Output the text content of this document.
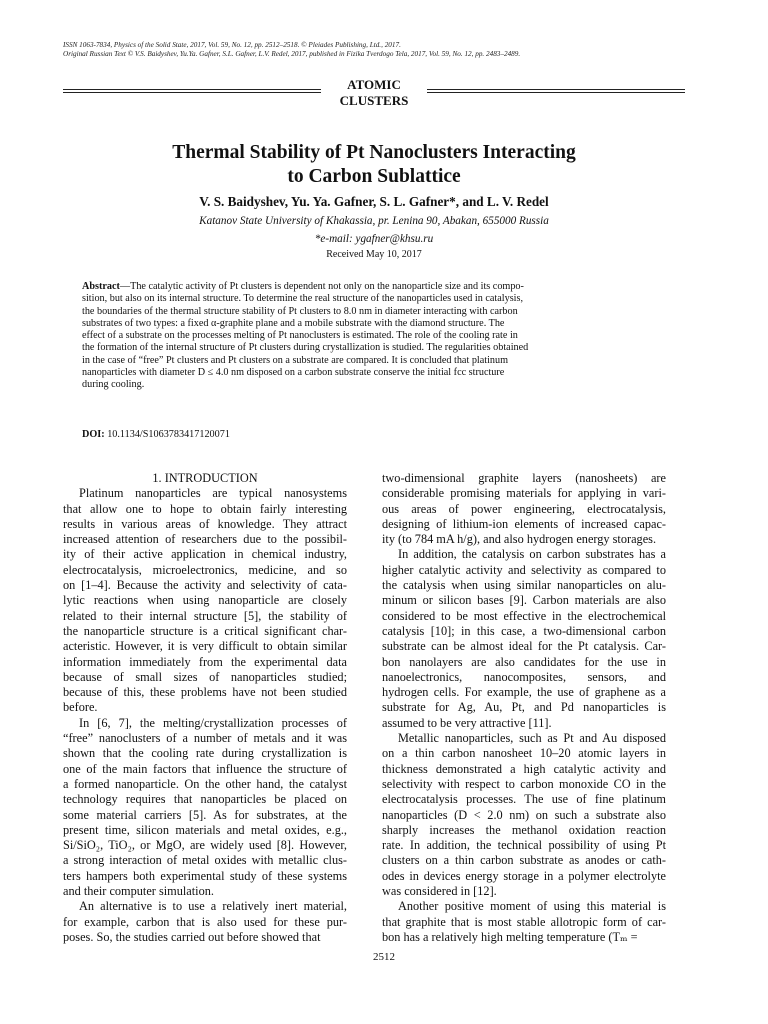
ISSN 1063-7834, Physics of the Solid State, 2017, Vol. 59, No. 12, pp. 2512–2518. © Pleiades Publishing, Ltd., 2017.
Original Russian Text © V.S. Baidyshev, Yu.Ya. Gafner, S.L. Gafner, L.V. Redel, 2017, published in Fizika Tverdogo Tela, 2017, Vol. 59, No. 12, pp. 2483–2489.
ATOMIC
CLUSTERS
Thermal Stability of Pt Nanoclusters Interacting
to Carbon Sublattice
V. S. Baidyshev, Yu. Ya. Gafner, S. L. Gafner*, and L. V. Redel
Katanov State University of Khakassia, pr. Lenina 90, Abakan, 655000 Russia
*e-mail: ygafner@khsu.ru
Received May 10, 2017
Abstract—The catalytic activity of Pt clusters is dependent not only on the nanoparticle size and its compo-
sition, but also on its internal structure. To determine the real structure of the nanoparticles used in catalysis,
the boundaries of the thermal structure stability of Pt clusters to 8.0 nm in diameter interacting with carbon
substrates of two types: a fixed α-graphite plane and a mobile substrate with the diamond structure. The
effect of a substrate on the processes melting of Pt nanoclusters is estimated. The role of the cooling rate in
the formation of the internal structure of Pt clusters during crystallization is studied. The regularities obtained
in the case of “free” Pt clusters and Pt clusters on a substrate are compared. It is concluded that platinum
nanoparticles with diameter D ≤ 4.0 nm disposed on a carbon substrate conserve the initial fcc structure
during cooling.
DOI: 10.1134/S1063783417120071
1. INTRODUCTION
Platinum nanoparticles are typical nanosystems
that allow one to hope to obtain fairly interesting
results in various areas of knowledge. They attract
increased attention of researchers due to the possibil-
ity of their active application in chemical industry,
electrocatalysis, microelectronics, medicine, and so
on [1–4]. Because the activity and selectivity of cata-
lytic reactions when using nanoparticle are closely
related to their internal structure [5], the stability of
the nanoparticle structure is a critical significant char-
acteristic. However, it is very difficult to obtain similar
information immediately from the experimental data
because of small sizes of nanoparticles studied;
because of this, these problems have not been studied
before.
In [6, 7], the melting/crystallization processes of
“free” nanoclusters of a number of metals and it was
shown that the cooling rate during crystallization is
one of the main factors that influence the structure of
a formed nanoparticle. On the other hand, the catalyst
technology requires that nanoparticles be placed on
some material carriers [5]. As for substrates, at the
present time, silicon materials and metal oxides, e.g.,
Si/SiO₂, TiO₂, or MgO, are widely used [8]. However,
a strong interaction of metal oxides with metallic clus-
ters hampers both experimental study of these systems
and their computer simulation.
An alternative is to use a relatively inert material,
for example, carbon that is also used for these pur-
poses. So, the studies carried out before showed that
two-dimensional graphite layers (nanosheets) are
considerable promising materials for applying in vari-
ous areas of power engineering, electrocatalysis,
designing of lithium-ion elements of increased capac-
ity (to 784 mA h/g), and also hydrogen energy storages.
In addition, the catalysis on carbon substrates has a
higher catalytic activity and selectivity as compared to
the catalysis when using similar nanoparticles on alu-
minum or silicon bases [9]. Carbon materials are also
considered to be most effective in the electrochemical
catalysis [10]; in this case, a two-dimensional carbon
substrate can be almost ideal for the Pt catalysis. Car-
bon nanolayers are also candidates for the use in
nanoelectronics, nanocomposites, sensors, and
hydrogen cells. For example, the use of graphene as a
substrate for Ag, Au, Pt, and Pd nanoparticles is
assumed to be very attractive [11].
Metallic nanoparticles, such as Pt and Au disposed
on a thin carbon nanosheet 10–20 atomic layers in
thickness demonstrated a high catalytic activity and
selectivity with respect to carbon monoxide CO in the
electrocatalysis processes. The use of fine platinum
nanoparticles (D < 2.0 nm) on such a substrate also
sharply increases the methanol oxidation reaction
rate. In addition, the technical possibility of using Pt
clusters on a thin carbon substrate as anodes or cath-
odes in devices energy storage in a polymer electrolyte
was considered in [12].
Another positive moment of using this material is
that graphite that is most stable allotropic form of car-
bon has a relatively high melting temperature (Tₘ =
2512
